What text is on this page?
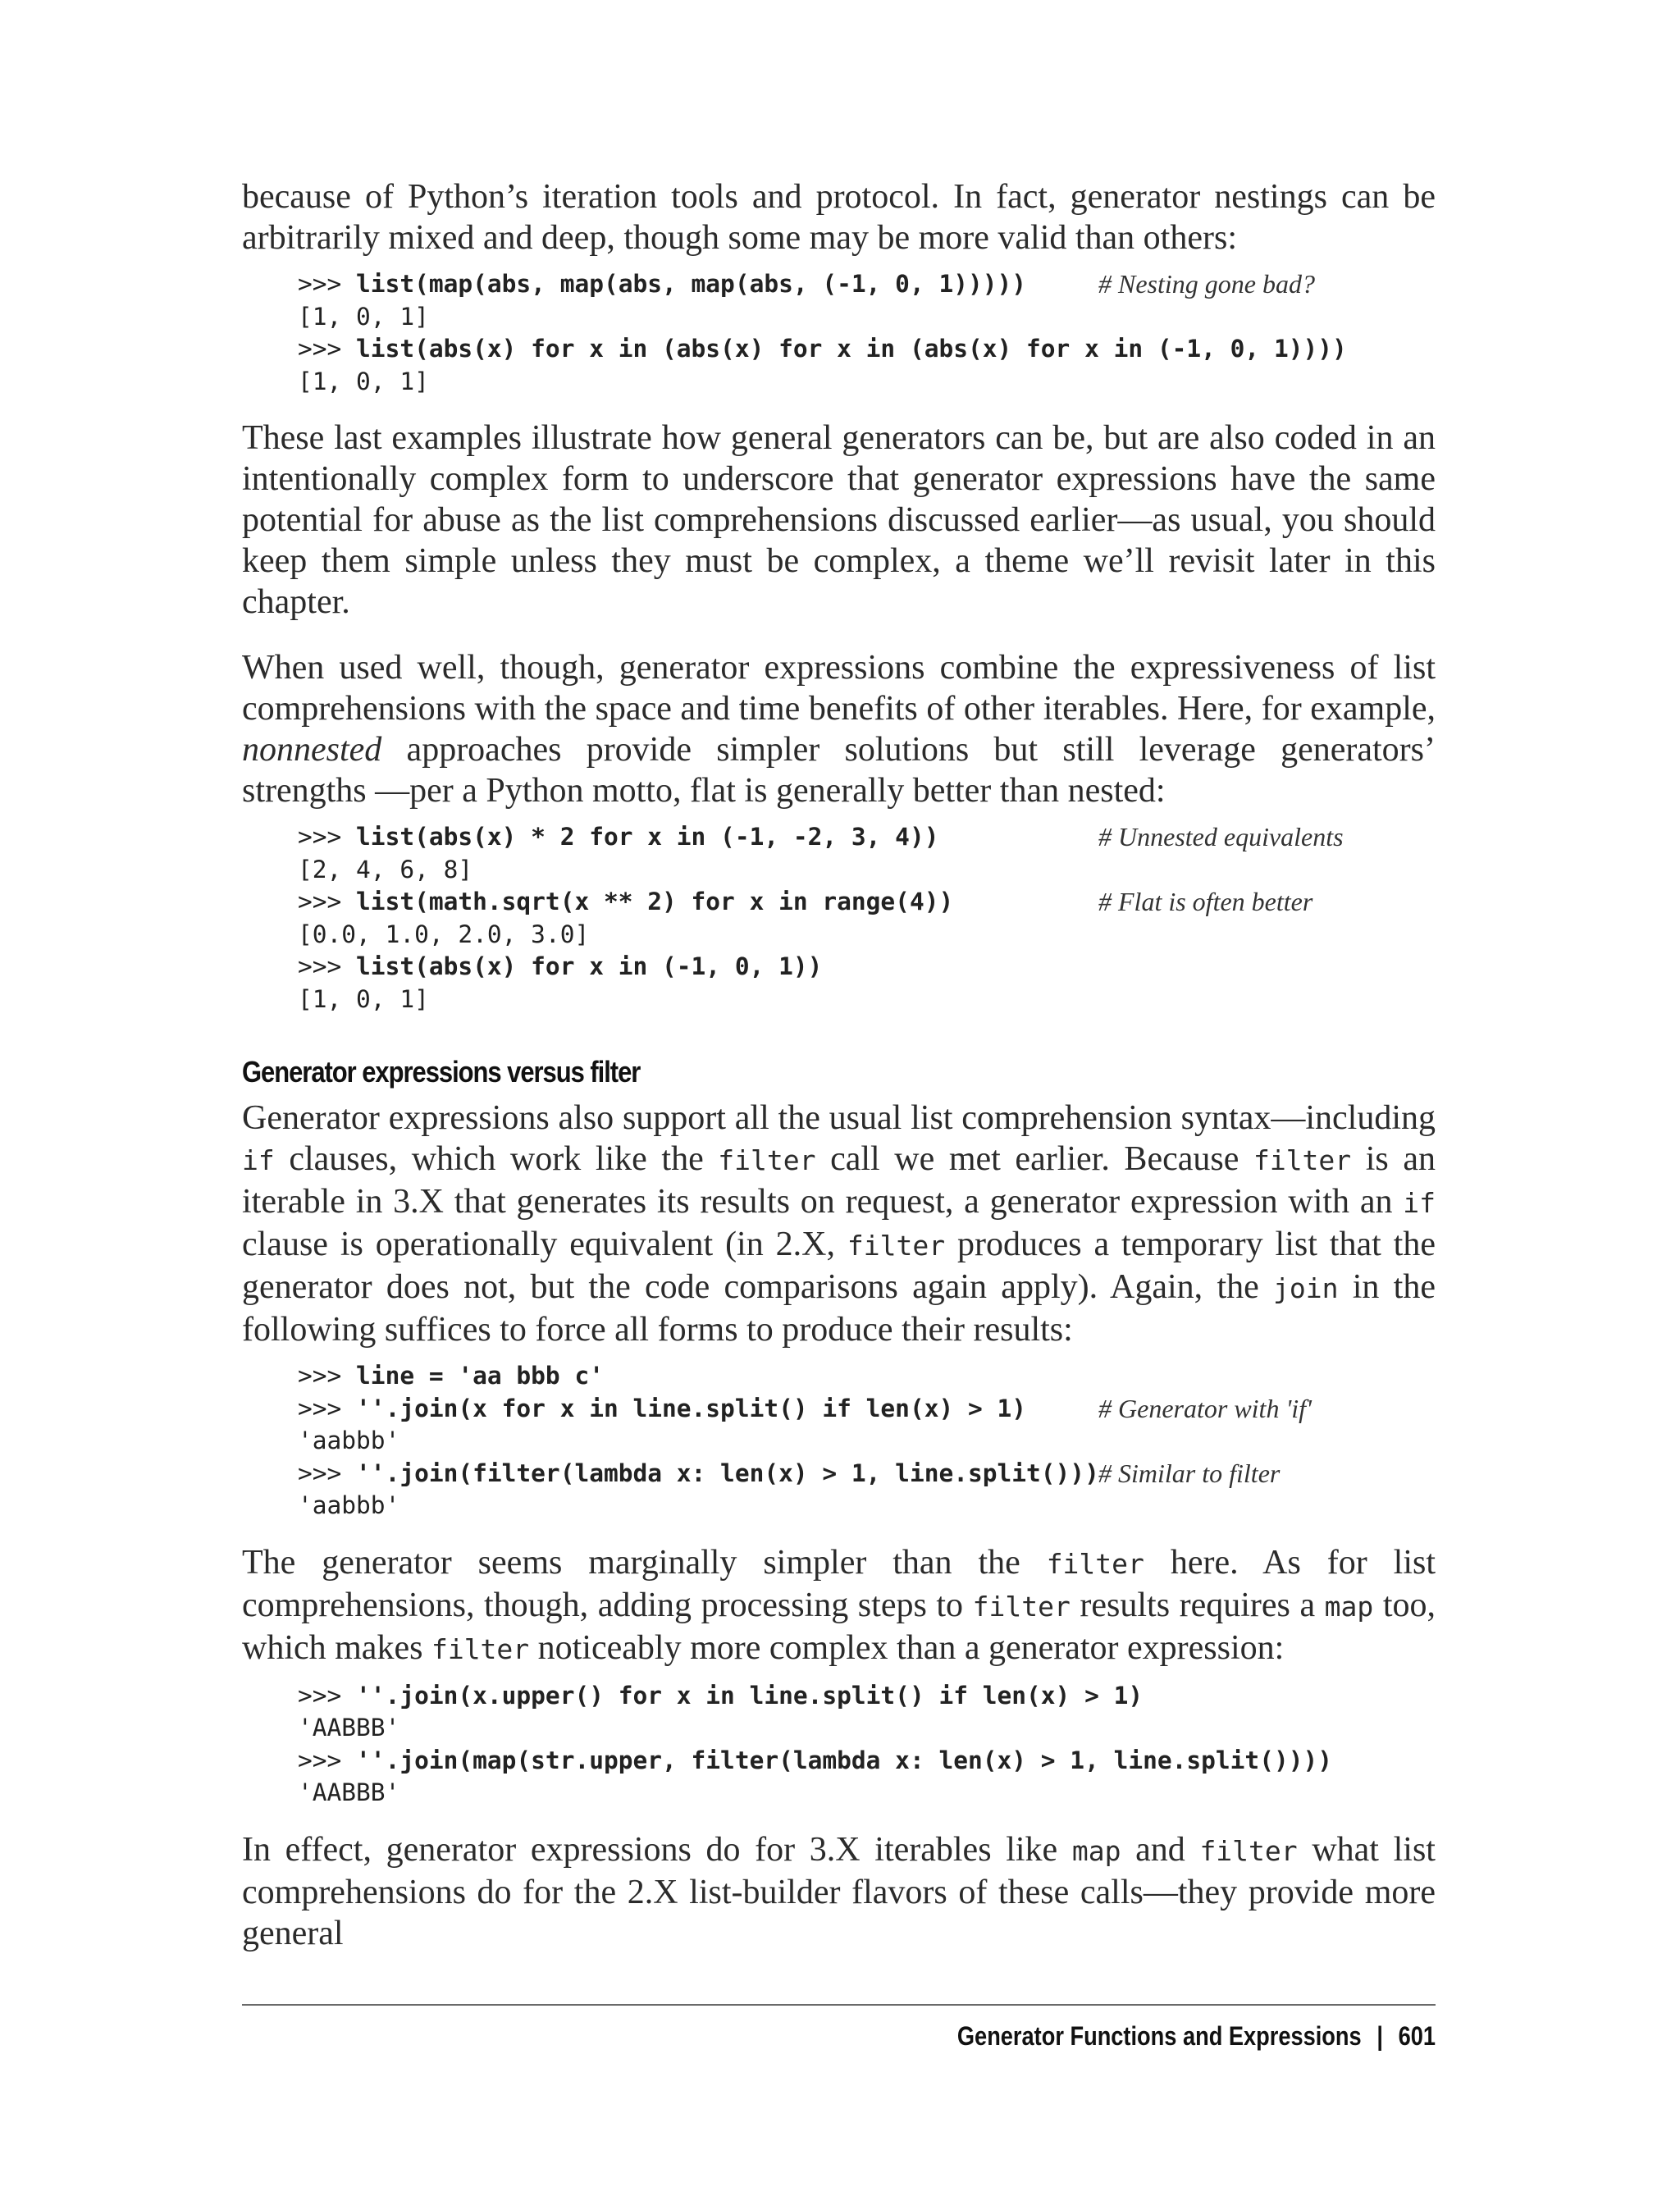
because of Python’s iteration tools and protocol. In fact, generator nestings can be arbitrarily mixed and deep, though some may be more valid than others:

>>> list(map(abs, map(abs, map(abs, (-1, 0, 1)))))	# Nesting gone bad?
[1, 0, 1]
>>> list(abs(x) for x in (abs(x) for x in (abs(x) for x in (-1, 0, 1))))
[1, 0, 1]

These last examples illustrate how general generators can be, but are also coded in an intentionally complex form to underscore that generator expressions have the same potential for abuse as the list comprehensions discussed earlier—as usual, you should keep them simple unless they must be complex, a theme we’ll revisit later in this chapter.

When used well, though, generator expressions combine the expressiveness of list comprehensions with the space and time benefits of other iterables. Here, for example, nonnested approaches provide simpler solutions but still leverage generators’ strengths —per a Python motto, flat is generally better than nested:

>>> list(abs(x) * 2 for x in (-1, -2, 3, 4))	# Unnested equivalents
[2, 4, 6, 8]
>>> list(math.sqrt(x ** 2) for x in range(4))	# Flat is often better
[0.0, 1.0, 2.0, 3.0]
>>> list(abs(x) for x in (-1, 0, 1))
[1, 0, 1]
Generator expressions versus filter

Generator expressions also support all the usual list comprehension syntax—including if clauses, which work like the filter call we met earlier. Because filter is an iterable in 3.X that generates its results on request, a generator expression with an if clause is operationally equivalent (in 2.X, filter produces a temporary list that the generator does not, but the code comparisons again apply). Again, the join in the following suffices to force all forms to produce their results:

>>> line = 'aa bbb c'
>>> ''.join(x for x in line.split() if len(x) > 1)	# Generator with 'if'
'aabbb'
>>> ''.join(filter(lambda x: len(x) > 1, line.split())) # Similar to filter
'aabbb'

The generator seems marginally simpler than the filter here. As for list comprehensions, though, adding processing steps to filter results requires a map too, which makes filter noticeably more complex than a generator expression:

>>> ''.join(x.upper() for x in line.split() if len(x) > 1)
'AABBB'
>>> ''.join(map(str.upper, filter(lambda x: len(x) > 1, line.split())))
'AABBB'

In effect, generator expressions do for 3.X iterables like map and filter what list comprehensions do for the 2.X list-builder flavors of these calls—they provide more general

Generator Functions and Expressions | 601
